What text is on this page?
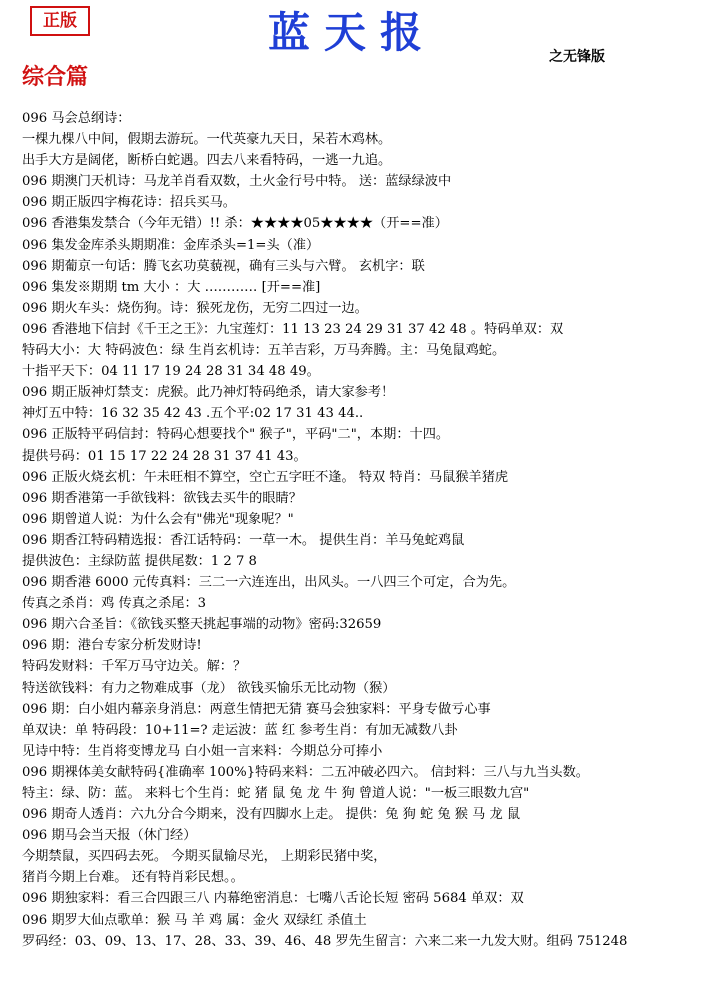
正版	蓝天报	之无锋版
综合篇
096 马会总纲诗：
一棵九棵八中间，假期去游玩。一代英豪九天日，呆若木鸡林。
出手大方是阔佬，断桥白蛇遇。四去八来看特码，一逃一九追。
096 期澳门天机诗：马龙羊肖看双数，土火金行号中特。 送：蓝绿绿波中
096 期正版四字梅花诗：招兵买马。
096 香港集发禁合（今年无错）!! 杀：★★★★05★★★★（开==准）
096 集发金库杀头期期准：金库杀头=1=头（准）
096 期葡京一句话：腾飞玄功莫藐视，确有三头与六臂。 玄机字：联
096 集发※期期 tm 大小 ：大 ………… [开==准]
096 期火车头：烧伤狗。诗：猴死龙伤，无穷二四过一边。
096 香港地下信封《千王之王》：九宝莲灯：11 13 23 24 29 31 37 42 48 。特码单双：双
特码大小：大 特码波色：绿 生肖玄机诗：五羊吉彩，万马奔腾。主：马兔鼠鸡蛇。
十指平天下：04 11 17 19 24 28 31 34 48 49。
096 期正版神灯禁支：虎猴。此乃神灯特码绝杀，请大家参考！
神灯五中特：16 32 35 42 43 .五个平:02 17 31 43 44..
096 正版特平码信封：特码心想要找个" 猴子"，平码"二"，本期：十四。
提供号码：01 15 17 22 24 28 31 37 41 43。
096 正版火烧玄机：午未旺相不算空，空亡五字旺不逢。 特双 特肖：马鼠猴羊猪虎
096 期香港第一手欲钱料：欲钱去买牛的眼睛？
096 期曾道人说：为什么会有"佛光"现象呢？"
096 期香江特码精选报：香江话特码：一草一木。 提供生肖：羊马兔蛇鸡鼠
提供波色：主绿防蓝 提供尾数：1 2 7 8
096 期香港 6000 元传真料：三二一六连连出，出风头。一八四三个可定，合为先。
传真之杀肖：鸡 传真之杀尾：3
096 期六合圣旨：《欲钱买整天挑起事端的动物》密码:32659
096 期：港台专家分析发财诗!
特码发财料：千军万马守边关。解：？
特送欲钱料：有力之物难成事（龙） 欲钱买愉乐无比动物（猴）
096 期：白小姐内幕亲身消息：两意生情把无猜 赛马会独家料：平身专做亏心事
单双诀：单 特码段：10+11=? 走运波：蓝 红 参考生肖：有加无减数八卦
见诗中特：生肖将变博龙马 白小姐一言来料：今期总分可捧小
096 期裸体美女献特码{准确率 100%}特码来料：二五冲破必四六。 信封料：三八与九当头数。
特主：绿、防：蓝。 来料七个生肖：蛇 猪 鼠 兔 龙 牛 狗 曾道人说："一板三眼数九宫"
096 期奇人透肖：六九分合今期来，没有四脚水上走。 提供：兔 狗 蛇 兔 猴 马 龙 鼠
096 期马会当天报（休门经）
今期禁鼠，买四码去死。 今期买鼠输尽光， 上期彩民猪中奖，
猪肖今期上台难。 还有特肖彩民想。。
096 期独家料：看三合四跟三八 内幕绝密消息：七嘴八舌论长短 密码 5684 单双：双
096 期罗大仙点歌单：猴 马 羊 鸡 属：金火 双绿红 杀值土
罗码经：03、09、13、17、28、33、39、46、48 罗先生留言：六来二来一九发大财。组码 751248
